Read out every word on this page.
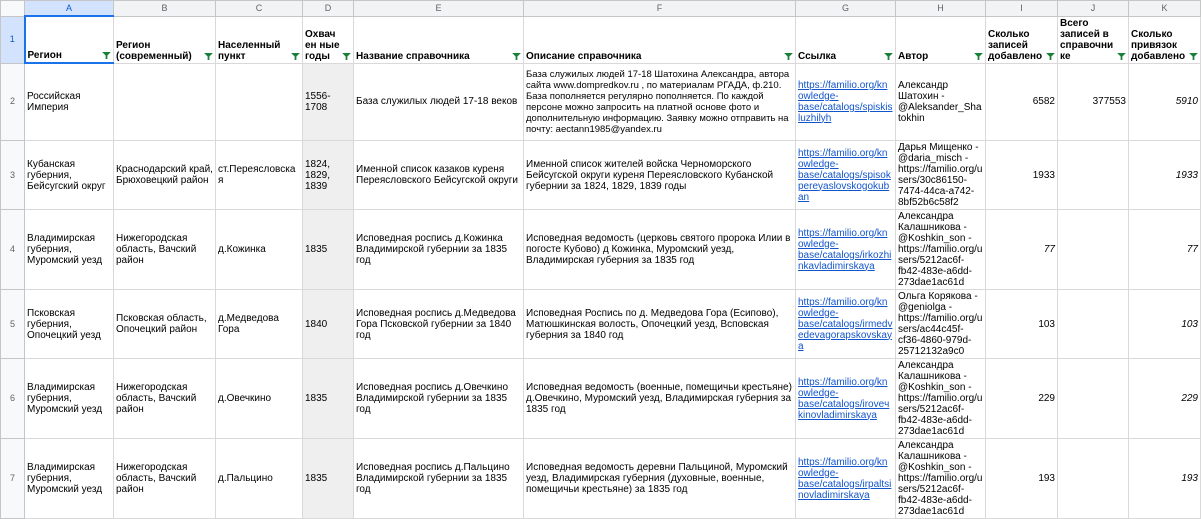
	A	B	C	D	E	F	G	H	I	J	K
1	Регион	Регион (современный)	Населенный пункт	Охвачен ные годы	Название справочника	Описание справочника	Ссылка	Автор	Сколько записей добавлено	Всего записей в справочнике	Сколько привязок добавлено

2	Российская Империя			1556-1708	База служилых людей 17-18 веков	База служилых людей 17-18 Шатохина Александра, автора сайта www.dompredkov.ru , по материалам РГАДА, ф.210. База пополняется регулярно пополняется. По каждой персоне можно запросить на платной основе фото и дополнительную информацию. Заявку можно отправить на почту: aectann1985@yandex.ru	https://familio.org/knowledge-base/catalogs/spiskisluzhilyh	Александр Шатохин - @Aleksander_Shatokhin	6582	377553	5910
3	Кубанская губерния, Бейсугский округ	Краснодарский край, Брюховецкий район	ст.Переясловская	1824, 1829, 1839	Именной список казаков куреня Переясловского Бейсугской округи	Именной список жителей войска Черноморского Бейсугской округи куреня Переясловского Кубанской губернии за 1824, 1829, 1839 годы	https://familio.org/knowledge-base/catalogs/spisokpereyaslovskogokuban	Дарья Мищенко - @daria_misch - https://familio.org/users/30c86150-7474-44ca-a742-8bf52b6c58f2	1933		1933
4	Владимирская губерния, Муромский уезд	Нижегородская область, Вачский район	д.Кожинка	1835	Исповедная роспись д.Кожинка Владимирской губернии за 1835 год	Исповедная ведомость (церковь святого пророка Илии в погосте Кубово) д Кожинка, Муромский уезд, Владимирская губерния за 1835 год	https://familio.org/knowledge-base/catalogs/irkozhinkavladimirskaya	Александра Калашникова - @Koshkin_son - https://familio.org/users/5212ac6f-fb42-483e-a6dd-273dae1ac61d	77		77
5	Псковская губерния, Опочецкий уезд	Псковская область, Опочецкий район	д.Медведова Гора	1840	Исповедная роспись д.Медведова Гора Псковской губернии за 1840 год	Исповедная Роспись по д. Медведова Гора (Есипово), Матюшкинская волость, Опочецкий уезд, Всповская губерния за 1840 год	https://familio.org/knowledge-base/catalogs/irmedvedevagorapskovskaya	Ольга Корякова - @geniolga - https://familio.org/users/ac44c45f-cf36-4860-979d-25712132a9c0	103		103
6	Владимирская губерния, Муромский уезд	Нижегородская область, Вачский район	д.Овечкино	1835	Исповедная роспись д.Овечкино Владимирской губернии за 1835 год	Исповедная ведомость (военные, помещичьи крестьяне) д.Овечкино, Муромский уезд, Владимирская губерния за 1835 год	https://familio.org/knowledge-base/catalogs/iroveчkinovladimirskaya	Александра Калашникова - @Koshkin_son - https://familio.org/users/5212ac6f-fb42-483e-a6dd-273dae1ac61d	229		229
7	Владимирская губерния, Муромский уезд	Нижегородская область, Вачский район	д.Пальцино	1835	Исповедная роспись д.Пальцино Владимирской губернии за 1835 год	Исповедная ведомость деревни Пальциной, Муромский уезд, Владимирская губерния (духовные, военные, помещичьи крестьяне) за 1835 год	https://familio.org/knowledge-base/catalogs/irpaltsinovladimirskaya	Александра Калашникова - @Koshkin_son - https://familio.org/users/5212ac6f-fb42-483e-a6dd-273dae1ac61d	193		193
